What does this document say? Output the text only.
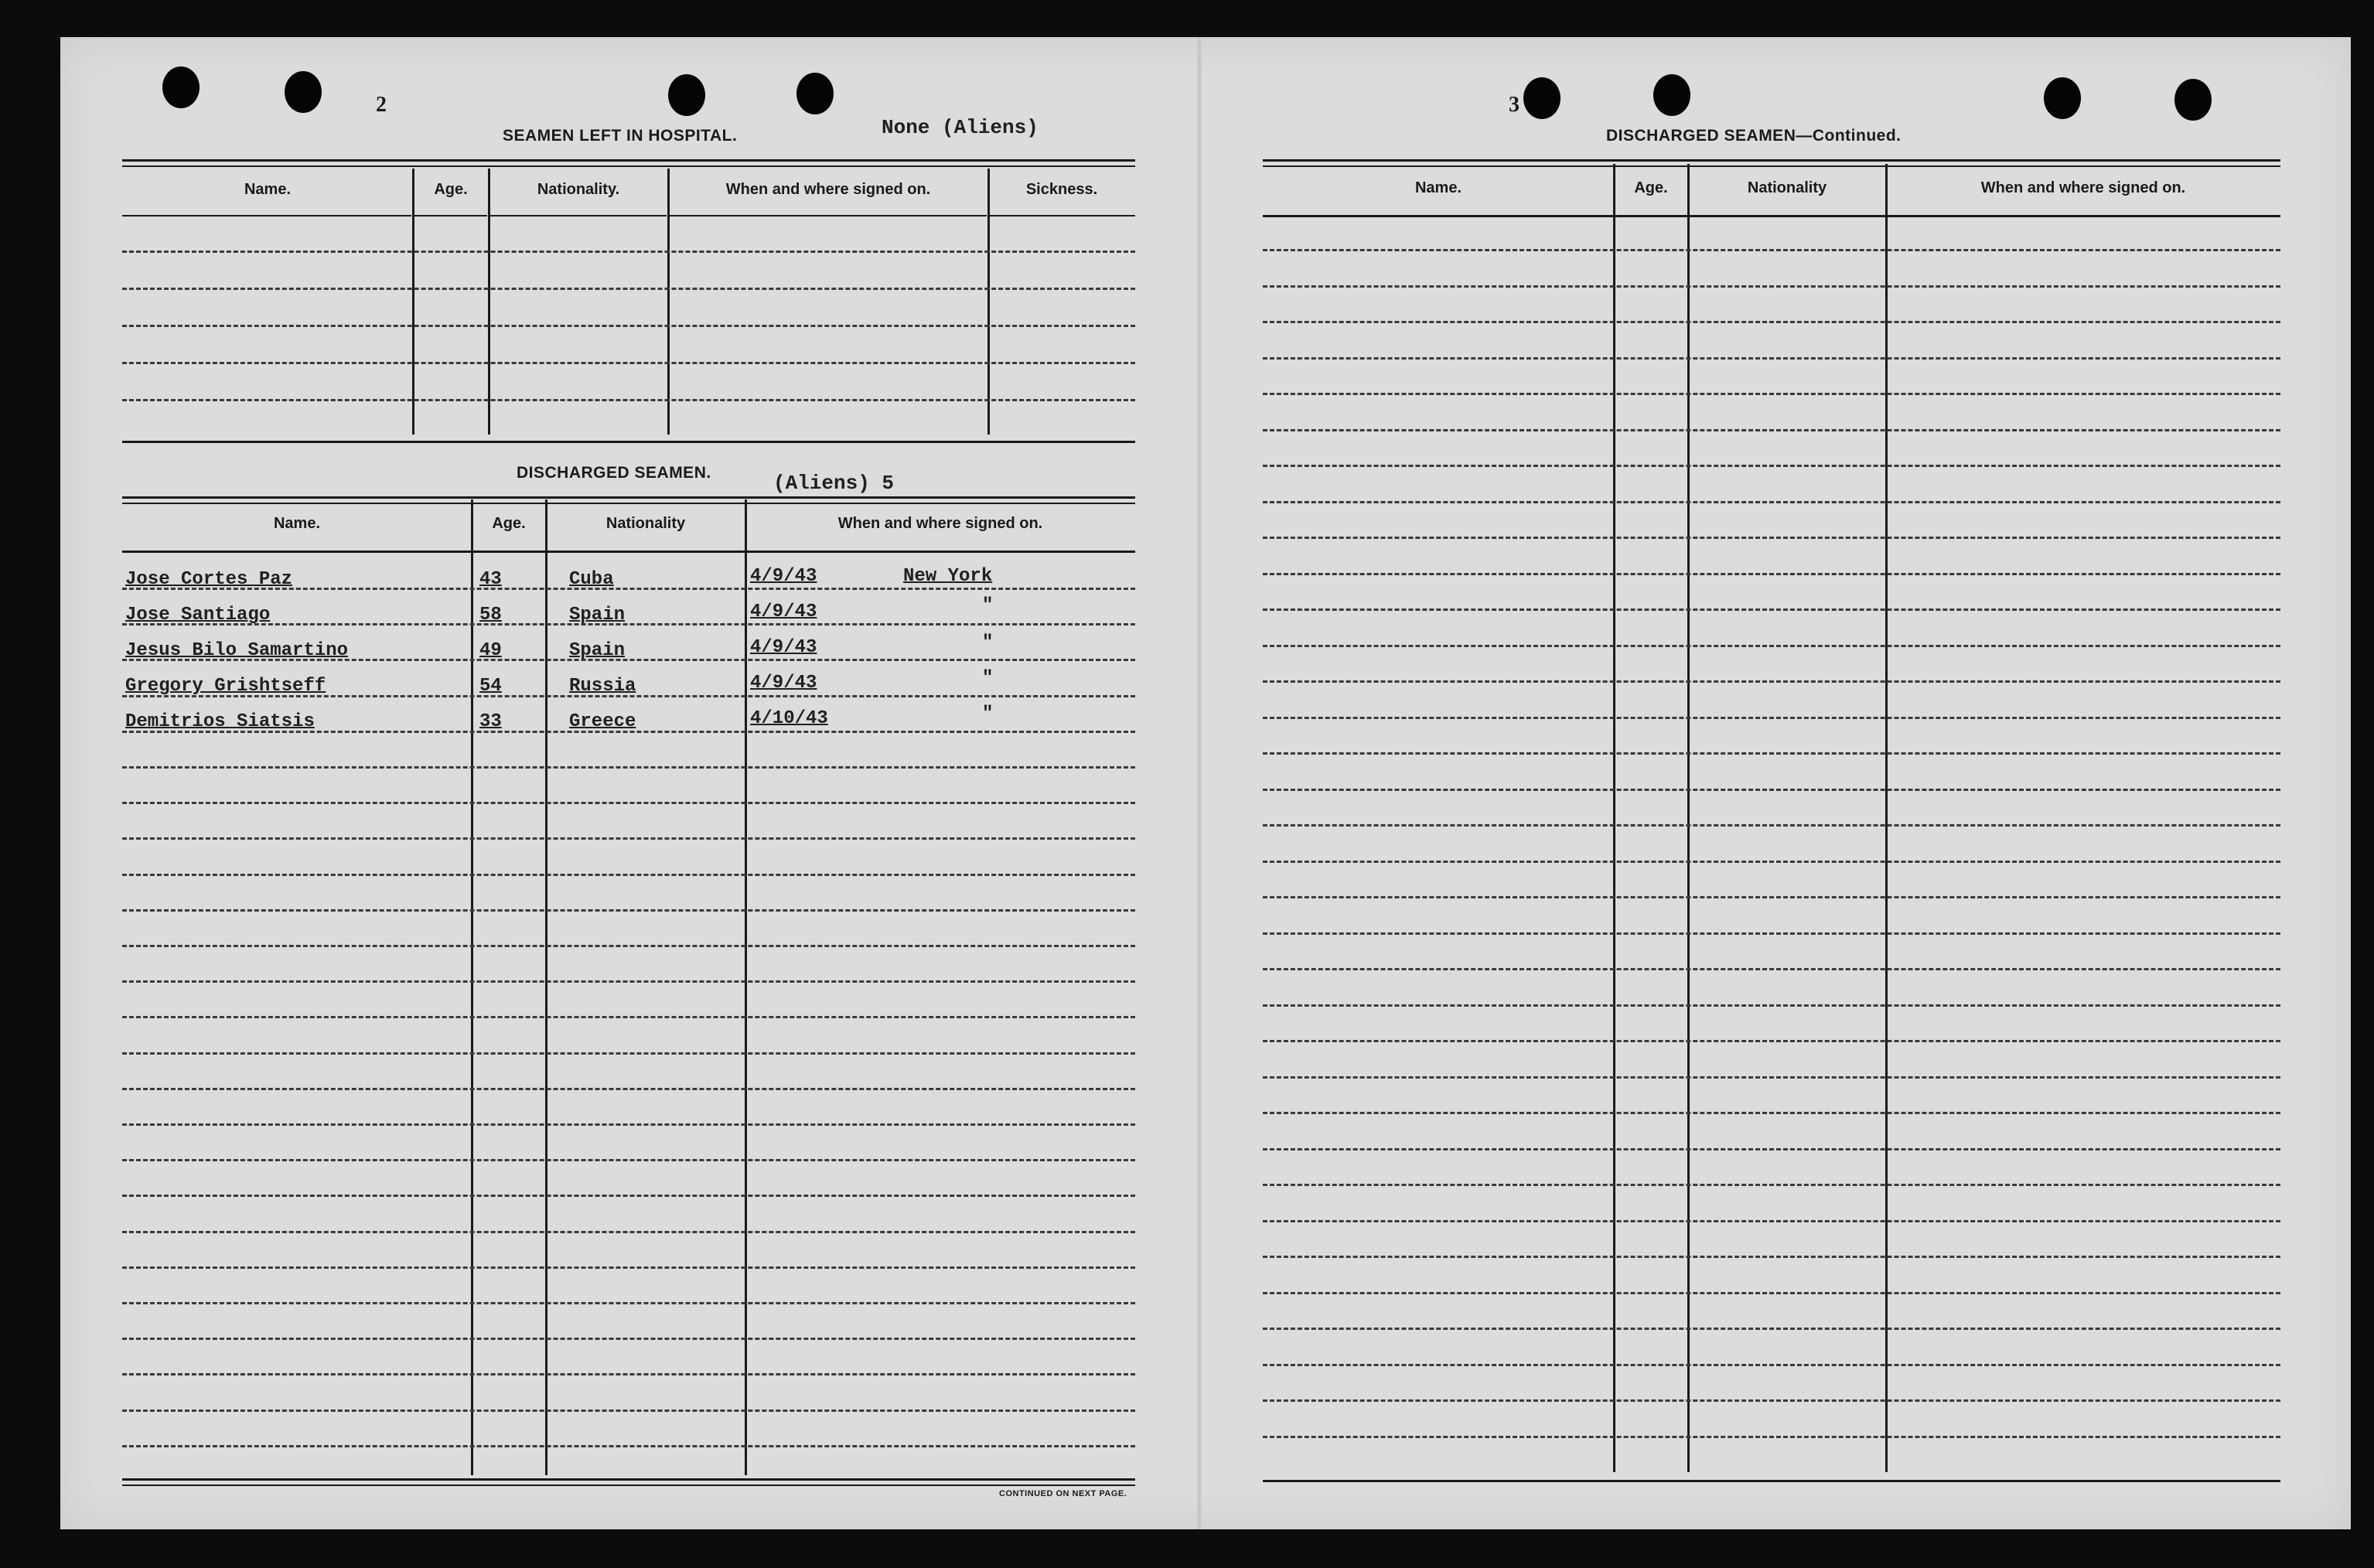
2
SEAMEN LEFT IN HOSPITAL.	None (Aliens)
Name.	Age.	Nationality.	When and where signed on.	Sickness.
DISCHARGED SEAMEN.	(Aliens) 5
Name.	Age.	Nationality	When and where signed on.
Jose Cortes Paz	43	Cuba	4/9/43	New York
Jose Santiago	58	Spain	4/9/43	"
Jesus Bilo Samartino	49	Spain	4/9/43	"
Gregory Grishtseff	54	Russia	4/9/43	"
Demitrios Siatsis	33	Greece	4/10/43	"
CONTINUED ON NEXT PAGE.
3
DISCHARGED SEAMEN—Continued.
Name.	Age.	Nationality	When and where signed on.
